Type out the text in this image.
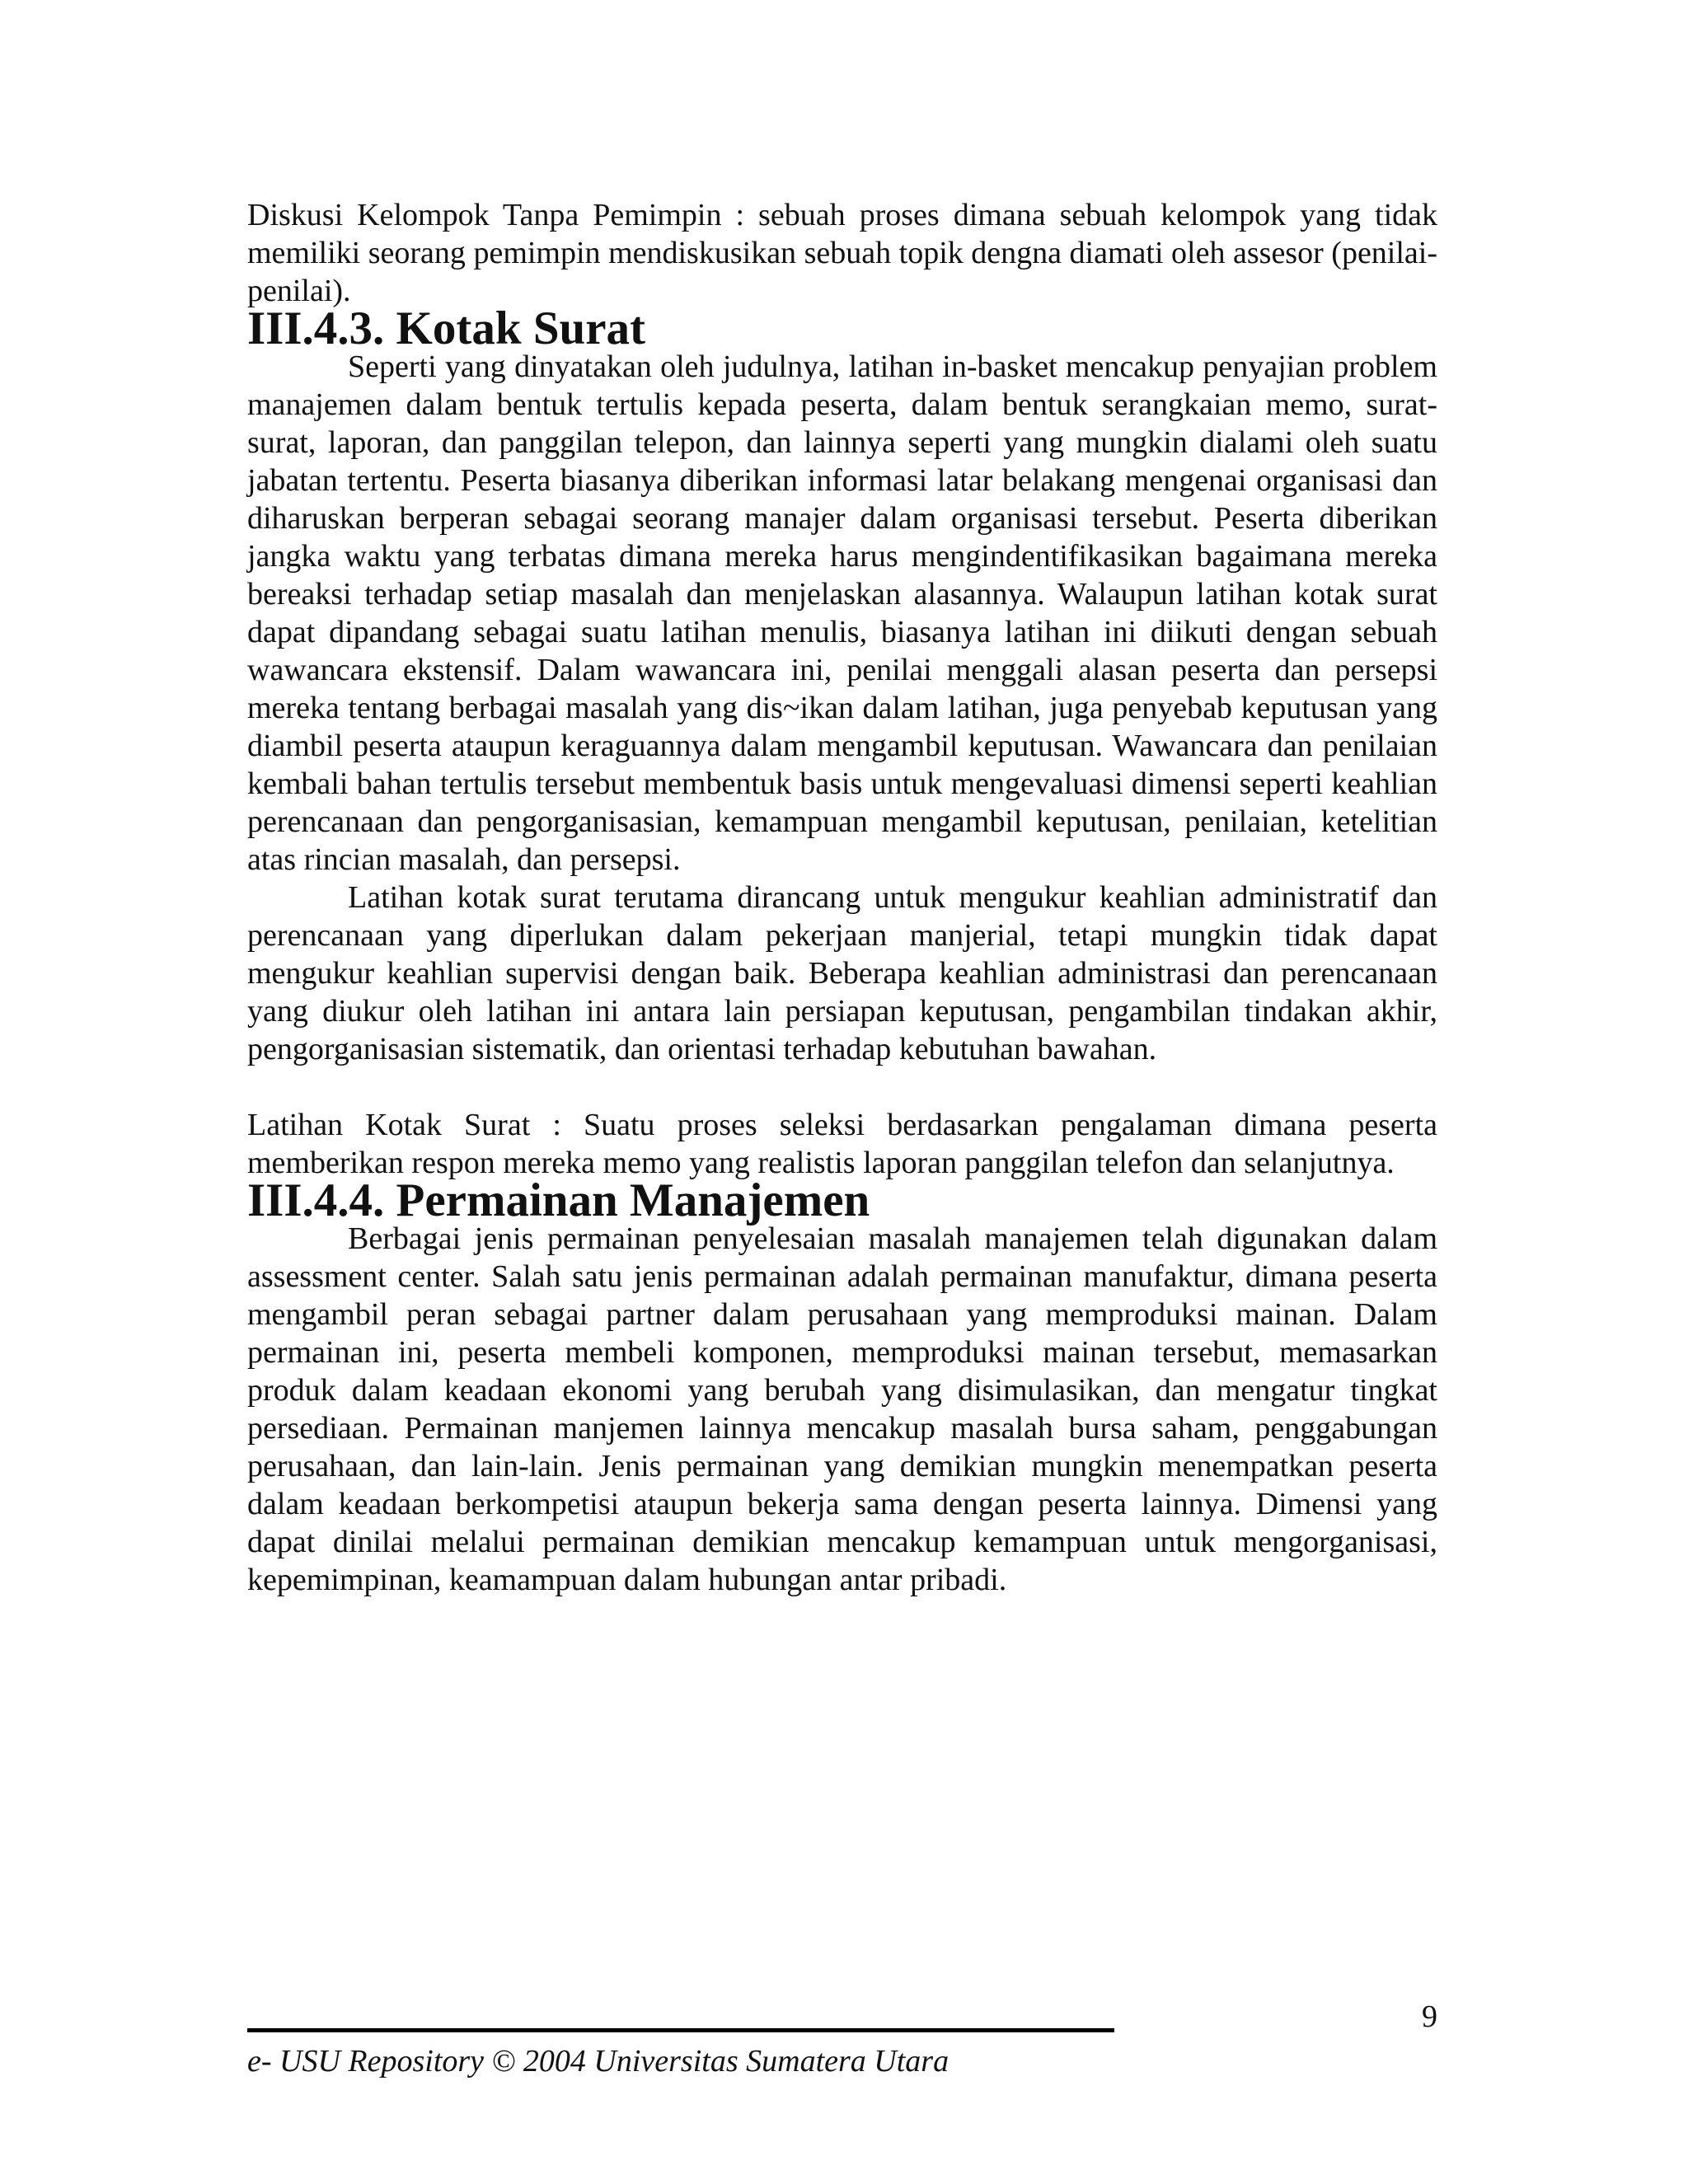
Diskusi Kelompok Tanpa Pemimpin : sebuah proses dimana sebuah kelompok yang tidak memiliki seorang pemimpin mendiskusikan sebuah topik dengna diamati oleh assesor (penilai- penilai).

III.4.3. Kotak Surat

Seperti yang dinyatakan oleh judulnya, latihan in-basket mencakup penyajian problem manajemen dalam bentuk tertulis kepada peserta, dalam bentuk serangkaian memo, surat-surat, laporan, dan panggilan telepon, dan lainnya seperti yang mungkin dialami oleh suatu jabatan tertentu. Peserta biasanya diberikan informasi latar belakang mengenai organisasi dan diharuskan berperan sebagai seorang manajer dalam organisasi tersebut. Peserta diberikan jangka waktu yang terbatas dimana mereka harus mengindentifikasikan bagaimana mereka bereaksi terhadap setiap masalah dan menjelaskan alasannya. Walaupun latihan kotak surat dapat dipandang sebagai suatu latihan menulis, biasanya latihan ini diikuti dengan sebuah wawancara ekstensif. Dalam wawancara ini, penilai menggali alasan peserta dan persepsi mereka tentang berbagai masalah yang dis~ikan dalam latihan, juga penyebab keputusan yang diambil peserta ataupun keraguannya dalam mengambil keputusan. Wawancara dan penilaian kembali bahan tertulis tersebut membentuk basis untuk mengevaluasi dimensi seperti keahlian perencanaan dan pengorganisasian, kemampuan mengambil keputusan, penilaian, ketelitian atas rincian masalah, dan persepsi.

Latihan kotak surat terutama dirancang untuk mengukur keahlian administratif dan perencanaan yang diperlukan dalam pekerjaan manjerial, tetapi mungkin tidak dapat mengukur keahlian supervisi dengan baik. Beberapa keahlian administrasi dan perencanaan yang diukur oleh latihan ini antara lain persiapan keputusan, pengambilan tindakan akhir, pengorganisasian sistematik, dan orientasi terhadap kebutuhan bawahan.

Latihan Kotak Surat : Suatu proses seleksi berdasarkan pengalaman dimana peserta memberikan respon mereka memo yang realistis laporan panggilan telefon dan selanjutnya.

III.4.4. Permainan Manajemen

Berbagai jenis permainan penyelesaian masalah manajemen telah digunakan dalam assessment center. Salah satu jenis permainan adalah permainan manufaktur, dimana peserta mengambil peran sebagai partner dalam perusahaan yang memproduksi mainan. Dalam permainan ini, peserta membeli komponen, memproduksi mainan tersebut, memasarkan produk dalam keadaan ekonomi yang berubah yang disimulasikan, dan mengatur tingkat persediaan. Permainan manjemen lainnya mencakup masalah bursa saham, penggabungan perusahaan, dan lain-lain. Jenis permainan yang demikian mungkin menempatkan peserta dalam keadaan berkompetisi ataupun bekerja sama dengan peserta lainnya. Dimensi yang dapat dinilai melalui permainan demikian mencakup kemampuan untuk mengorganisasi, kepemimpinan, keamampuan dalam hubungan antar pribadi.

9
e- USU Repository © 2004 Universitas Sumatera Utara
